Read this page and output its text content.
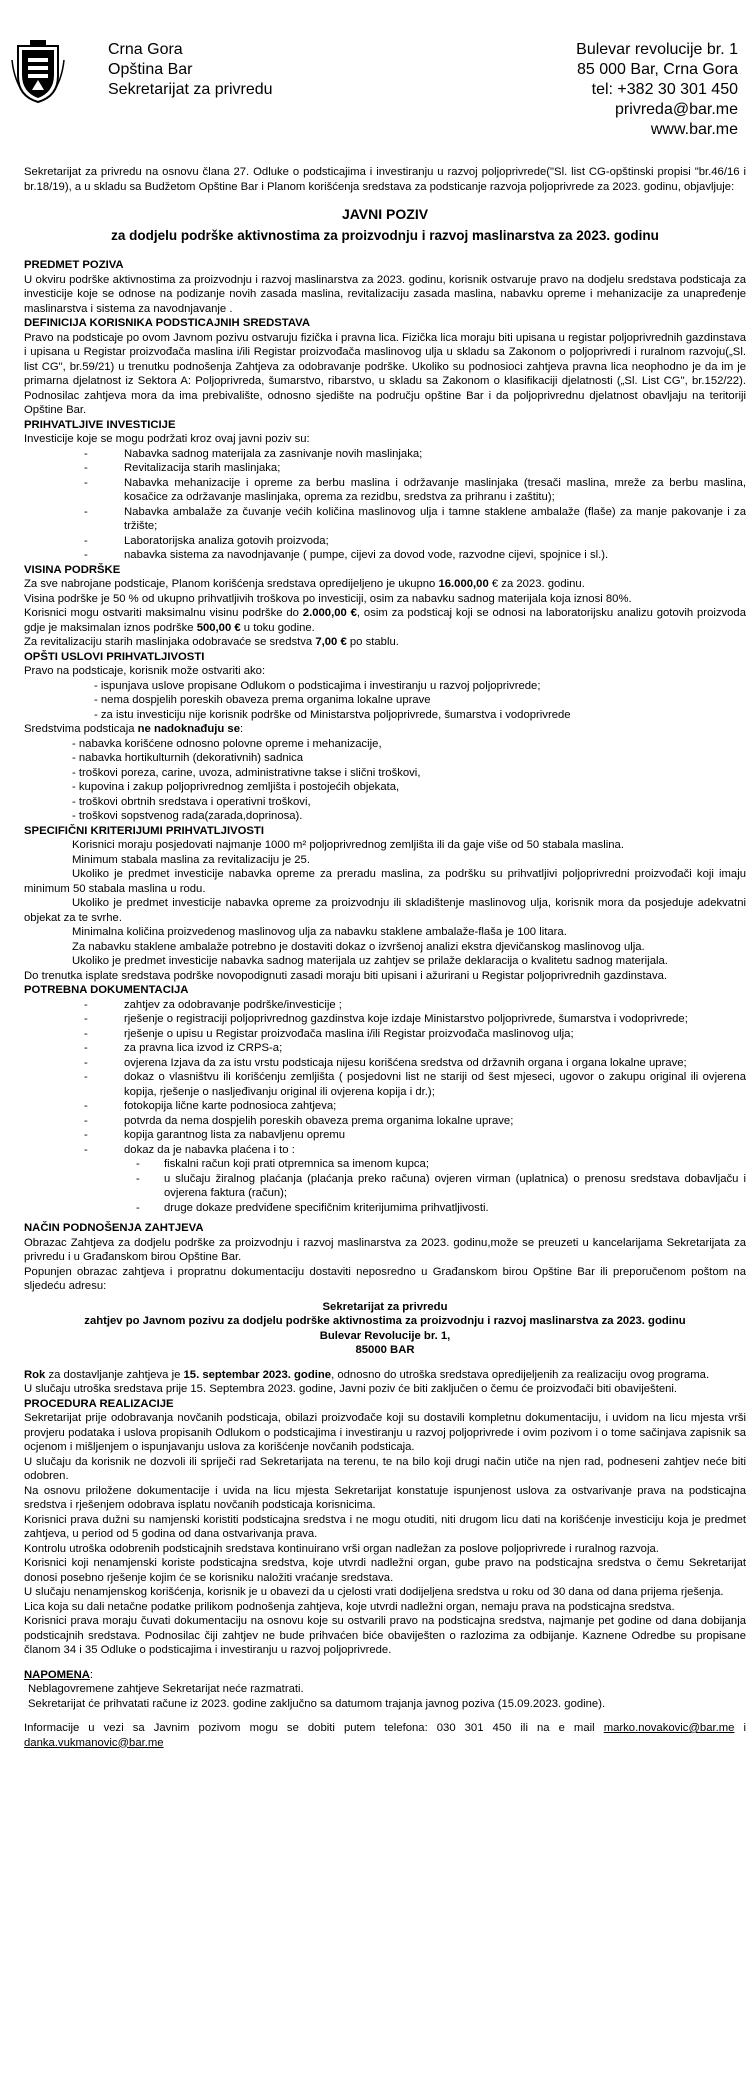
Crna Gora
Opština Bar
Sekretarijat za privredu
Bulevar revolucije br. 1
85 000 Bar, Crna Gora
tel: +382 30 301 450
privreda@bar.me
www.bar.me

Sekretarijat za privredu na osnovu člana 27. Odluke o podsticajima i investiranju u razvoj poljoprivrede("Sl. list CG-opštinski propisi "br.46/16 i br.18/19), a u skladu sa Budžetom Opštine Bar i Planom korišćenja sredstava za podsticanje razvoja poljoprivrede za 2023. godinu, objavljuje:

JAVNI POZIV

za dodjelu podrške aktivnostima za proizvodnju i razvoj maslinarstva za 2023. godinu

PREDMET POZIVA

U okviru podrške aktivnostima za proizvodnju i razvoj maslinarstva za 2023. godinu, korisnik ostvaruje pravo na dodjelu sredstava podsticaja za investicije koje se odnose na podizanje novih zasada maslina, revitalizaciju zasada maslina, nabavku opreme i mehanizacije za unapređenje maslinarstva i sistema za navodnjavanje .

DEFINICIJA KORISNIKA PODSTICAJNIH SREDSTAVA

Pravo na podsticaje po ovom Javnom pozivu ostvaruju fizička i pravna lica. Fizička lica moraju biti upisana u registar poljoprivrednih gazdinstava i upisana u Registar proizvođača maslina i/ili Registar proizvođača maslinovog ulja u skladu sa Zakonom o poljoprivredi i ruralnom razvoju(„Sl. list CG", br.59/21) u trenutku podnošenja Zahtjeva za odobravanje podrške. Ukoliko su podnosioci zahtjeva pravna lica neophodno je da im je primarna djelatnost iz Sektora A: Poljoprivreda, šumarstvo, ribarstvo, u skladu sa Zakonom o klasifikaciji djelatnosti („Sl. List CG", br.152/22). Podnosilac zahtjeva mora da ima prebivalište, odnosno sjedište na području opštine Bar i da poljoprivrednu djelatnost obavljaju na teritoriji Opštine Bar.

PRIHVATLJIVE INVESTICIJE

Investicije koje se mogu podržati kroz ovaj javni poziv su:

- Nabavka sadnog materijala za zasnivanje novih maslinjaka;
- Revitalizacija starih maslinjaka;
- Nabavka mehanizacije i opreme za berbu maslina i održavanje maslinjaka (tresači maslina, mreže za berbu maslina, kosačice za održavanje maslinjaka, oprema za rezidbu, sredstva za prihranu i zaštitu);
- Nabavka ambalaže za čuvanje većih količina maslinovog ulja i tamne staklene ambalaže (flaše) za manje pakovanje i za tržište;
- Laboratorijska analiza gotovih proizvoda;
- nabavka sistema za navodnjavanje ( pumpe, cijevi za dovod vode, razvodne cijevi, spojnice i sl.).

VISINA PODRŠKE

Za sve nabrojane podsticaje, Planom korišćenja sredstava opredijeljeno je ukupno 16.000,00 € za 2023. godinu.

Visina podrške je 50 % od ukupno prihvatljivih troškova po investiciji, osim za nabavku sadnog materijala koja iznosi 80%.

Korisnici mogu ostvariti maksimalnu visinu podrške do 2.000,00 €, osim za podsticaj koji se odnosi na laboratorijsku analizu gotovih proizvoda gdje je maksimalan iznos podrške 500,00 € u toku godine.

Za revitalizaciju starih maslinjaka odobravaće se sredstva 7,00 € po stablu.

OPŠTI USLOVI PRIHVATLJIVOSTI

Pravo na podsticaje, korisnik može ostvariti ako:

- ispunjava uslove propisane Odlukom o podsticajima i investiranju u razvoj poljoprivrede;
- nema dospjelih poreskih obaveza prema organima lokalne uprave
- za istu investiciju nije korisnik podrške od Ministarstva poljoprivrede, šumarstva i vodoprivrede

Sredstvima podsticaja ne nadoknađuju se:

- nabavka korišćene odnosno polovne opreme i mehanizacije,
- nabavka hortikulturnih (dekorativnih) sadnica
- troškovi poreza, carine, uvoza, administrativne takse i slični troškovi,
- kupovina i zakup poljoprivrednog zemljišta i postojećih objekata,
- troškovi obrtnih sredstava i operativni troškovi,
- troškovi sopstvenog rada(zarada,doprinosa).

SPECIFIČNI KRITERIJUMI PRIHVATLJIVOSTI

Korisnici moraju posjedovati najmanje 1000 m² poljoprivrednog zemljišta ili da gaje više od 50 stabala maslina.

Minimum stabala maslina za revitalizaciju je 25.

Ukoliko je predmet investicije nabavka opreme za preradu maslina, za podršku su prihvatljivi poljoprivredni proizvođači koji imaju minimum 50 stabala maslina u rodu.

Ukoliko je predmet investicije nabavka opreme za proizvodnju ili skladištenje maslinovog ulja, korisnik mora da posjeduje adekvatni objekat za te svrhe.

Minimalna količina proizvedenog maslinovog ulja za nabavku staklene ambalaže-flaša je 100 litara.

Za nabavku staklene ambalaže potrebno je dostaviti dokaz o izvršenoj analizi ekstra djevičanskog maslinovog ulja.

Ukoliko je predmet investicije nabavka sadnog materijala uz zahtjev se prilaže deklaracija o kvalitetu sadnog materijala.

Do trenutka isplate sredstava podrške novopodignuti zasadi moraju biti upisani i ažurirani u Registar poljoprivrednih gazdinstava.

POTREBNA DOKUMENTACIJA

- zahtjev za odobravanje podrške/investicije ;
- rješenje o registraciji poljoprivrednog gazdinstva koje izdaje Ministarstvo poljoprivrede, šumarstva i vodoprivrede;
- rješenje o upisu u Registar proizvođača maslina i/ili Registar proizvođača maslinovog ulja;
- za pravna lica izvod iz CRPS-a;
- ovjerena Izjava da za istu vrstu podsticaja nijesu korišćena sredstva od državnih organa i organa lokalne uprave;
- dokaz o vlasništvu ili korišćenju zemljišta ( posjedovni list ne stariji od šest mjeseci, ugovor o zakupu original ili ovjerena kopija, rješenje o nasljeđivanju original ili ovjerena kopija i dr.);
- fotokopija lične karte podnosioca zahtjeva;
- potvrda da nema dospjelih poreskih obaveza prema organima lokalne uprave;
- kopija garantnog lista za nabavljenu opremu
- dokaz da je nabavka plaćena i to :
- fiskalni račun koji prati otpremnica sa imenom kupca;
- u slučaju žiralnog plaćanja (plaćanja preko računa) ovjeren virman (uplatnica) o prenosu sredstava dobavljaču i ovjerena faktura (račun);
- druge dokaze predviđene specifičnim kriterijumima prihvatljivosti.

NAČIN PODNOŠENJA ZAHTJEVA

Obrazac Zahtjeva za dodjelu podrške za proizvodnju i razvoj maslinarstva za 2023. godinu,može se preuzeti u kancelarijama Sekretarijata za privredu i u Građanskom birou Opštine Bar.

Popunjen obrazac zahtjeva i propratnu dokumentaciju dostaviti neposredno u Građanskom birou Opštine Bar ili preporučenom poštom na sljedeću adresu:

Sekretarijat za privredu

zahtjev po Javnom pozivu za dodjelu podrške aktivnostima za proizvodnju i razvoj maslinarstva za 2023. godinu

Bulevar Revolucije br. 1,

85000 BAR

Rok za dostavljanje zahtjeva je 15. septembar 2023. godine, odnosno do utroška sredstava opredijeljenih za realizaciju ovog programa.

U slučaju utroška sredstava prije 15. Septembra 2023. godine, Javni poziv će biti zaključen o čemu će proizvođači biti obaviješteni.

PROCEDURA REALIZACIJE

Sekretarijat prije odobravanja novčanih podsticaja, obilazi proizvođače koji su dostavili kompletnu dokumentaciju, i uvidom na licu mjesta vrši provjeru podataka i uslova propisanih Odlukom o podsticajima i investiranju u razvoj poljoprivrede i ovim pozivom i o tome sačinjava zapisnik sa ocjenom i mišljenjem o ispunjavanju uslova za korišćenje novčanih podsticaja.

U slučaju da korisnik ne dozvoli ili spriječi rad Sekretarijata na terenu, te na bilo koji drugi način utiče na njen rad, podneseni zahtjev neće biti odobren.

Na osnovu priložene dokumentacije i uvida na licu mjesta Sekretarijat konstatuje ispunjenost uslova za ostvarivanje prava na podsticajna sredstva i rješenjem odobrava isplatu novčanih podsticaja korisnicima.

Korisnici prava dužni su namjenski koristiti podsticajna sredstva i ne mogu otuditi, niti drugom licu dati na korišćenje investiciju koja je predmet zahtjeva, u period od 5 godina od dana ostvarivanja prava.

Kontrolu utroška odobrenih podsticajnih sredstava kontinuirano vrši organ nadležan za poslove poljoprivrede i ruralnog razvoja.

Korisnici koji nenamjenski koriste podsticajna sredstva, koje utvrdi nadležni organ, gube pravo na podsticajna sredstva o čemu Sekretarijat donosi posebno rješenje kojim će se korisniku naložiti vraćanje sredstava.

U slučaju nenamjenskog korišćenja, korisnik je u obavezi da u cjelosti vrati dodijeljena sredstva u roku od 30 dana od dana prijema rješenja.

Lica koja su dali netačne podatke prilikom podnošenja zahtjeva, koje utvrdi nadležni organ, nemaju prava na podsticajna sredstva.

Korisnici prava moraju čuvati dokumentaciju na osnovu koje su ostvarili pravo na podsticajna sredstva, najmanje pet godine od dana dobijanja podsticajnih sredstava. Podnosilac čiji zahtjev ne bude prihvaćen biće obaviješten o razlozima za odbijanje. Kaznene Odredbe su propisane članom 34 i 35 Odluke o podsticajima i investiranju u razvoj poljoprivrede.

NAPOMENA:

Neblagovremene zahtjeve Sekretarijat neće razmatrati.

Sekretarijat će prihvatati račune iz 2023. godine zaključno sa datumom trajanja javnog poziva (15.09.2023. godine).

Informacije u vezi sa Javnim pozivom mogu se dobiti putem telefona: 030 301 450 ili na e mail marko.novakovic@bar.me i danka.vukmanovic@bar.me
